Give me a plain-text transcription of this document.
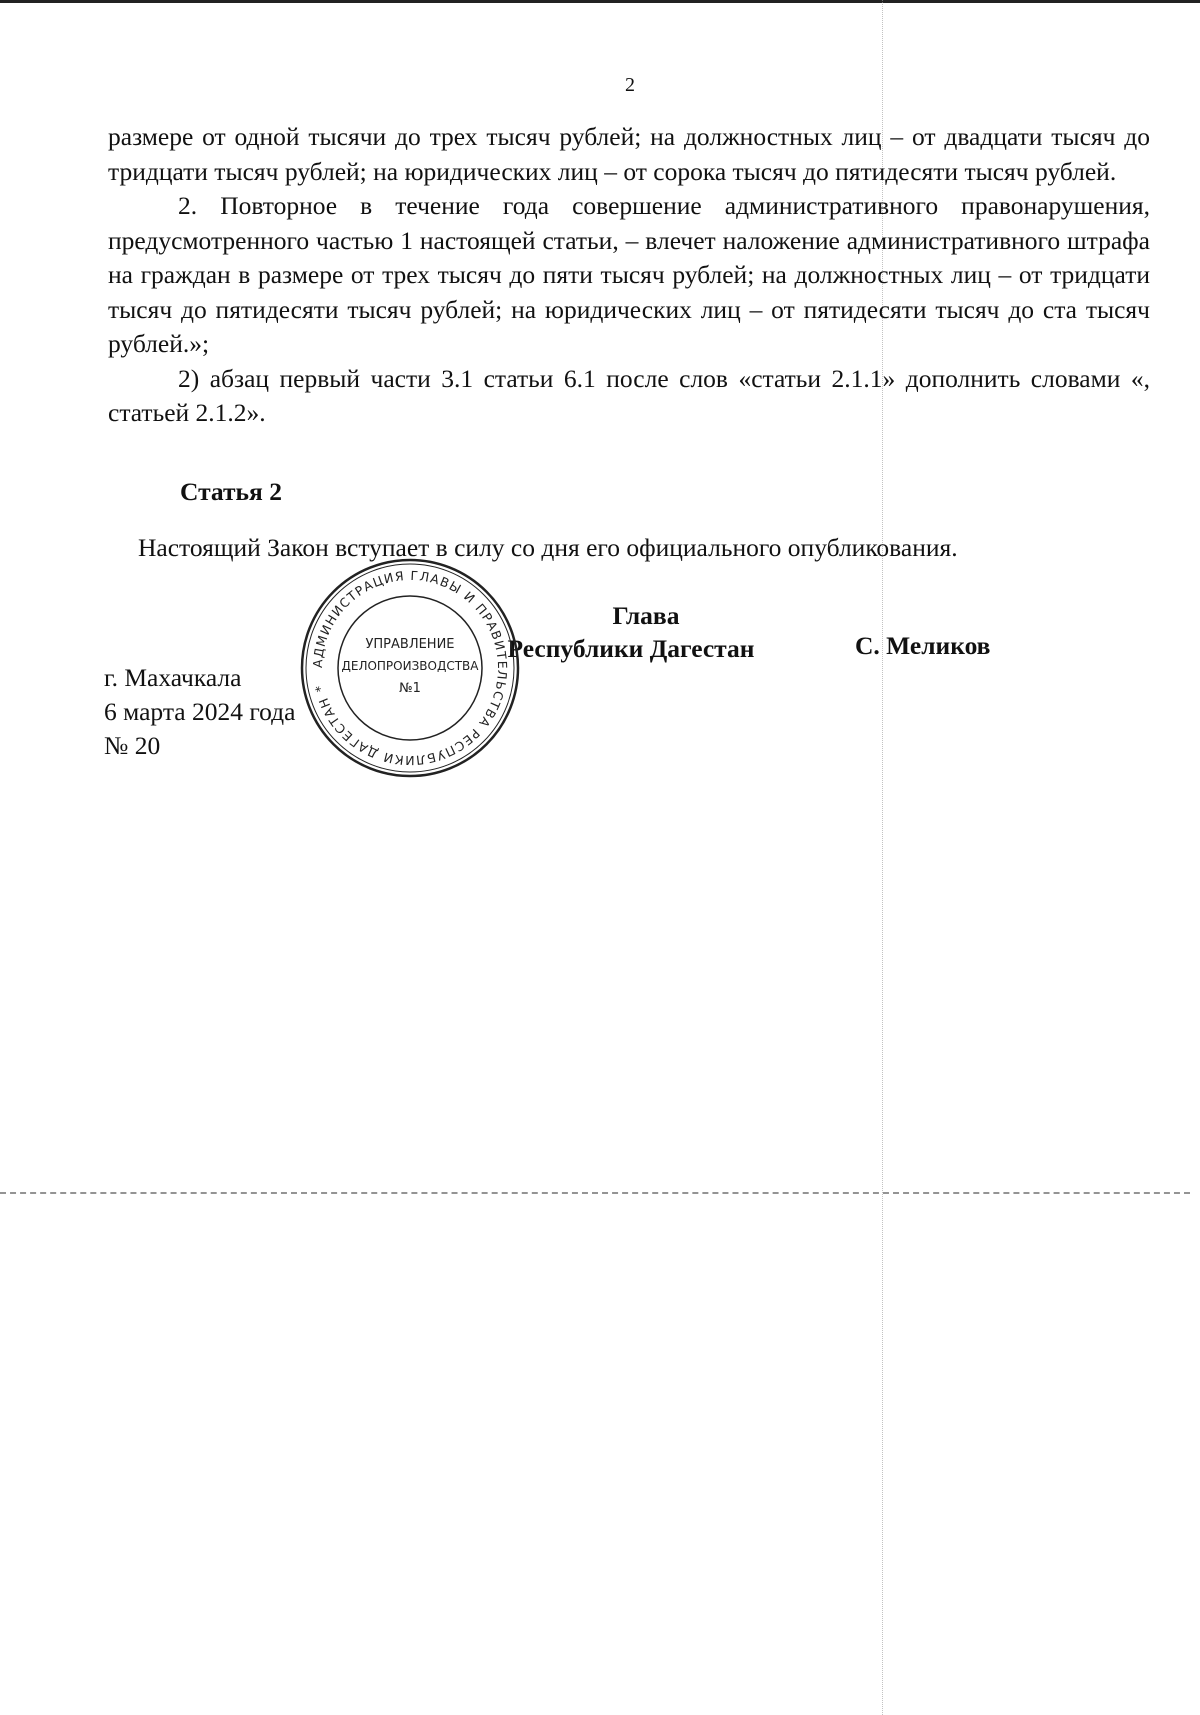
2

размере от одной тысячи до трех тысяч рублей; на должностных лиц – от двадцати тысяч до тридцати тысяч рублей; на юридических лиц – от сорока тысяч до пятидесяти тысяч рублей.

2. Повторное в течение года совершение административного правонарушения, предусмотренного частью 1 настоящей статьи, – влечет наложение административного штрафа на граждан в размере от трех тысяч до пяти тысяч рублей; на должностных лиц – от тридцати тысяч до пятидесяти тысяч рублей; на юридических лиц – от пятидесяти тысяч до ста тысяч рублей.»;

2) абзац первый части 3.1 статьи 6.1 после слов «статьи 2.1.1» дополнить словами «, статьей 2.1.2».

Статья 2
Настоящий Закон вступает в силу со дня его официального опубликования.
Глава
Республики Дагестан	С. Меликов
г. Махачкала
6 марта 2024 года
№ 20
АДМИНИСТРАЦИЯ ГЛАВЫ И ПРАВИТЕЛЬСТВА РЕСПУБЛИКИ ДАГЕСТАН *
УПРАВЛЕНИЕ
ДЕЛОПРОИЗВОДСТВА
№1
